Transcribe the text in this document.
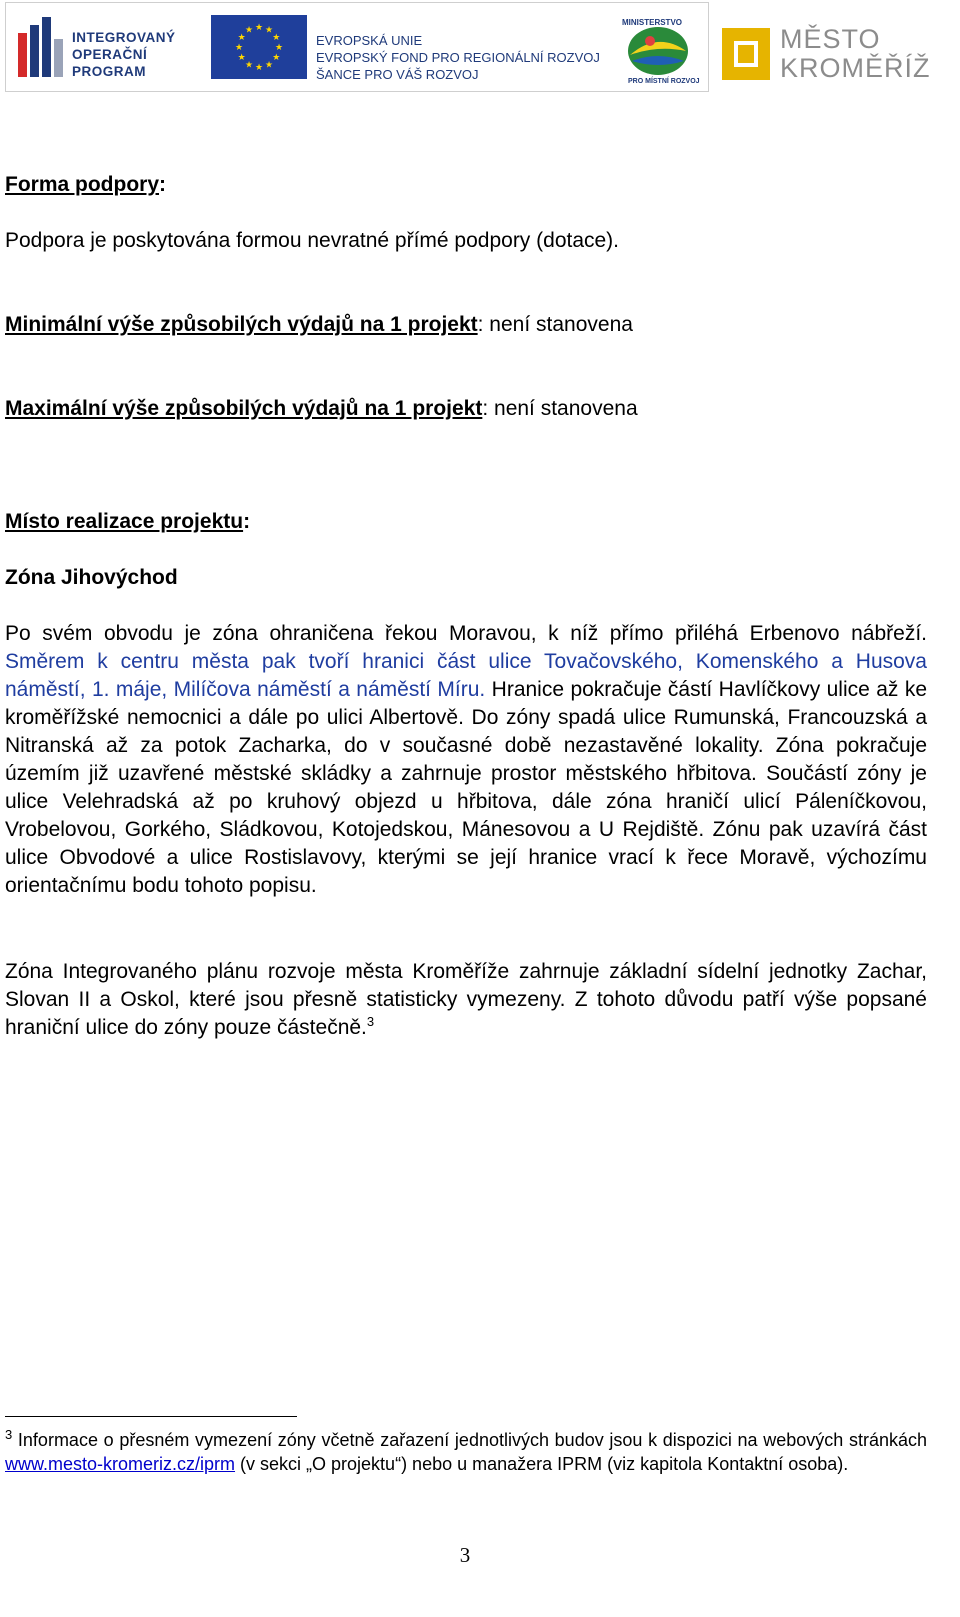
INTEGROVANÝ
OPERAČNÍ
PROGRAM
★
★
★
★
★
★
★
★
★ ★ ★
★	EVROPSKÁ UNIE
EVROPSKÝ FOND PRO REGIONÁLNÍ ROZVOJ
ŠANCE PRO VÁŠ ROZVOJ
MINISTERSTVO
PRO MÍSTNÍ ROZVOJ
MĚSTO
KROMĚŘÍŽ

Forma podpory:

Podpora je poskytována formou nevratné přímé podpory (dotace).

Minimální výše způsobilých výdajů na 1 projekt: není stanovena

Maximální výše způsobilých výdajů na 1 projekt: není stanovena

Místo realizace projektu:

Zóna Jihovýchod

Po svém obvodu je zóna ohraničena řekou Moravou, k níž přímo přiléhá Erbenovo nábřeží. Směrem k centru města pak tvoří hranici část ulice Tovačovského, Komenského a Husova náměstí, 1. máje, Milíčova náměstí a náměstí Míru. Hranice pokračuje částí Havlíčkovy ulice až ke kroměřížské nemocnici a dále po ulici Albertově. Do zóny spadá ulice Rumunská, Francouzská a Nitranská až za potok Zacharka, do v současné době nezastavěné lokality. Zóna pokračuje územím již uzavřené městské skládky a zahrnuje prostor městského hřbitova. Součástí zóny je ulice Velehradská až po kruhový objezd u hřbitova, dále zóna hraničí ulicí Páleníčkovou, Vrobelovou, Gorkého, Sládkovou, Kotojedskou, Mánesovou a U Rejdiště. Zónu pak uzavírá část ulice Obvodové a ulice Rostislavovy, kterými se její hranice vrací k řece Moravě, výchozímu orientačnímu bodu tohoto popisu.

Zóna Integrovaného plánu rozvoje města Kroměříže zahrnuje základní sídelní jednotky Zachar, Slovan II a Oskol, které jsou přesně statisticky vymezeny. Z tohoto důvodu patří výše popsané hraniční ulice do zóny pouze částečně.$^3$

$^3$ Informace o přesném vymezení zóny včetně zařazení jednotlivých budov jsou k dispozici na webových stránkách www.mesto-kromeriz.cz/iprm (v sekci „O projektu“) nebo u manažera IPRM (viz kapitola Kontaktní osoba).
3
